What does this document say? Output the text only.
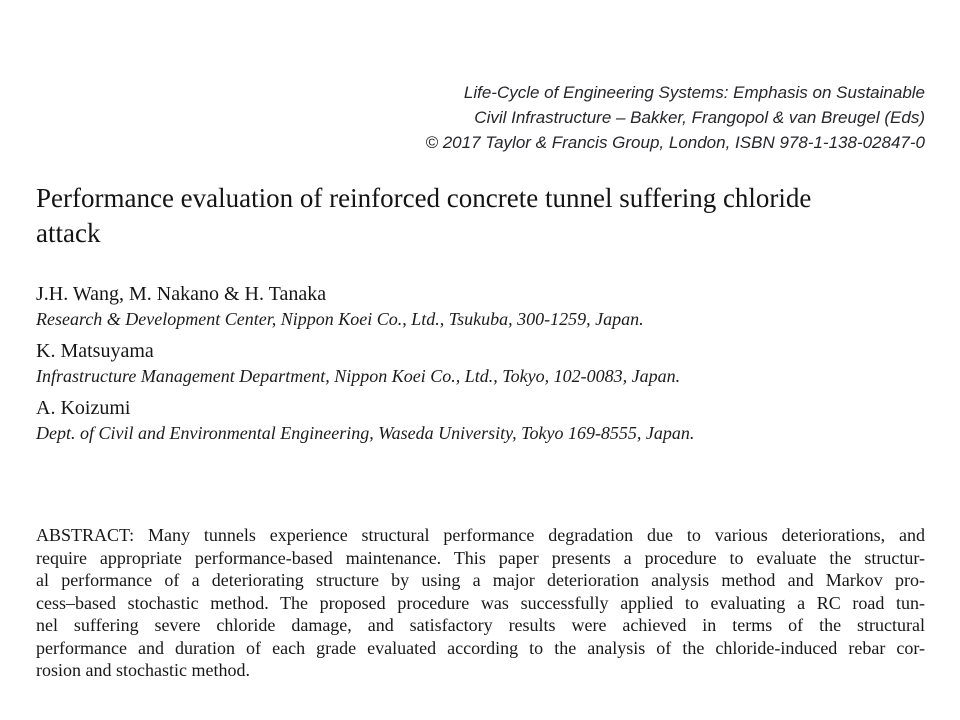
Life-Cycle of Engineering Systems: Emphasis on Sustainable
Civil Infrastructure – Bakker, Frangopol & van Breugel (Eds)
© 2017 Taylor & Francis Group, London, ISBN 978-1-138-02847-0
Performance evaluation of reinforced concrete tunnel suffering chloride
attack
J.H. Wang, M. Nakano & H. Tanaka
Research & Development Center, Nippon Koei Co., Ltd., Tsukuba, 300-1259, Japan.
K. Matsuyama
Infrastructure Management Department, Nippon Koei Co., Ltd., Tokyo, 102-0083, Japan.
A. Koizumi
Dept. of Civil and Environmental Engineering, Waseda University, Tokyo 169-8555, Japan.

ABSTRACT: Many tunnels experience structural performance degradation due to various deteriorations, and
require appropriate performance-based maintenance. This paper presents a procedure to evaluate the structur-
al performance of a deteriorating structure by using a major deterioration analysis method and Markov pro-
cess–based stochastic method. The proposed procedure was successfully applied to evaluating a RC road tun-
nel suffering severe chloride damage, and satisfactory results were achieved in terms of the structural
performance and duration of each grade evaluated according to the analysis of the chloride-induced rebar cor-
rosion and stochastic method.
